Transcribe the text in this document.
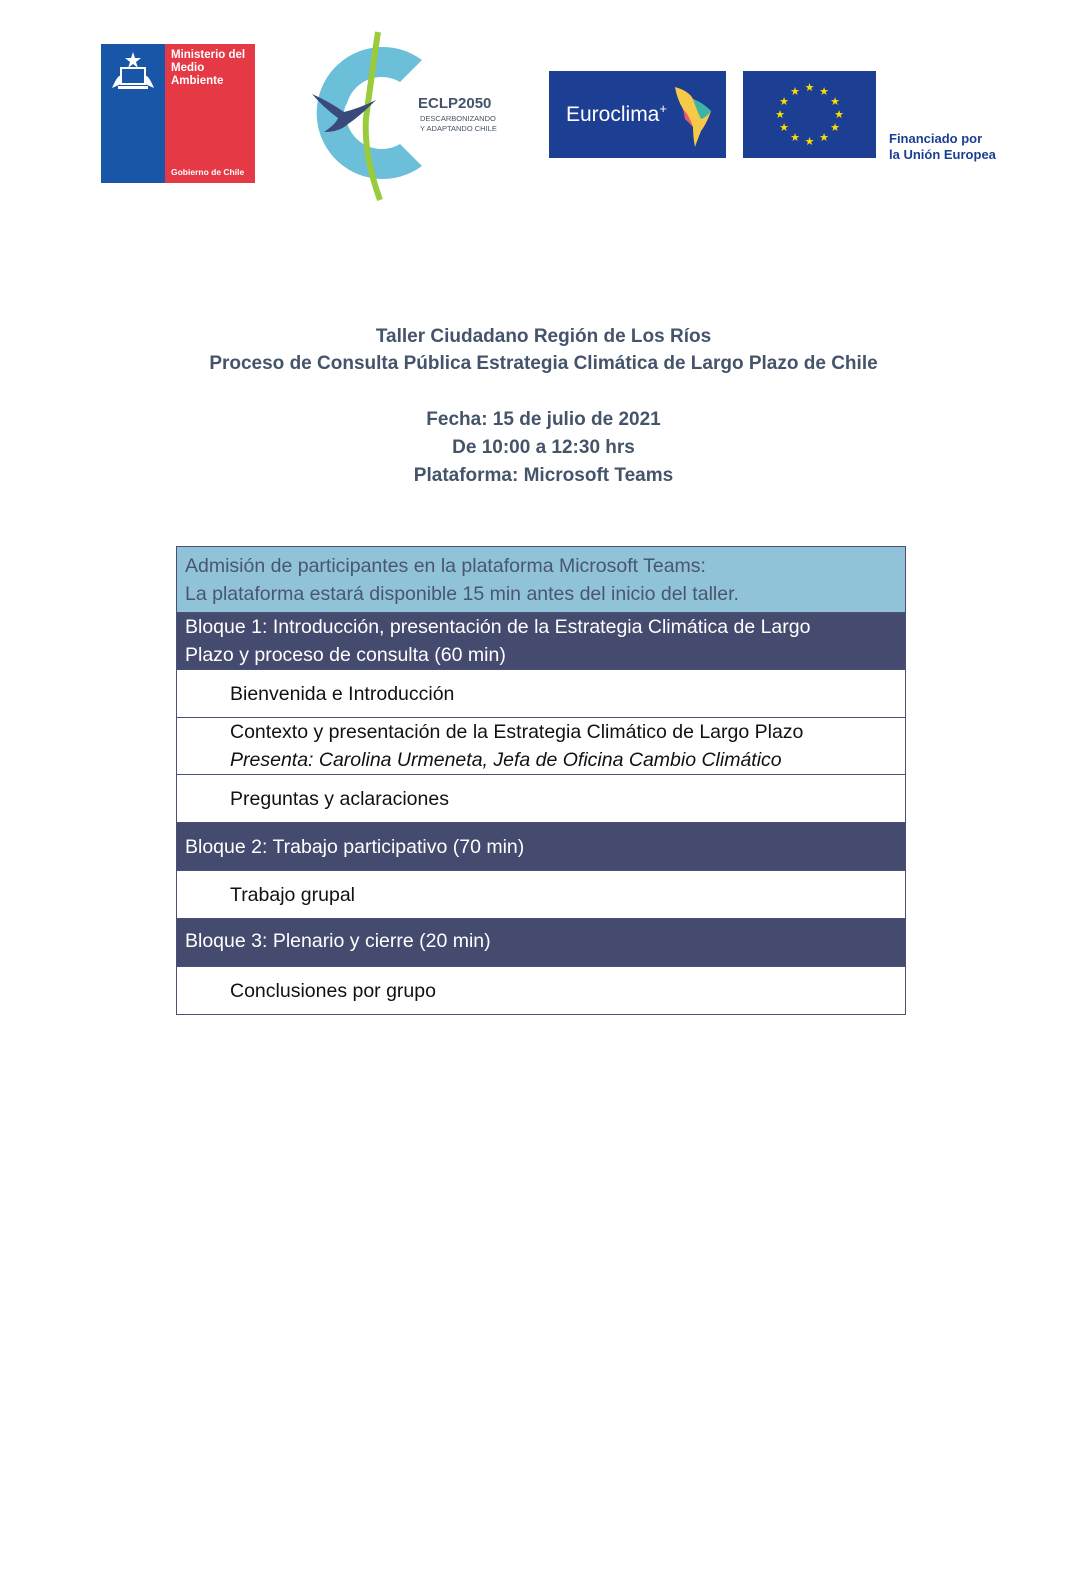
Ministerio del
Medio
Ambiente
Gobierno de Chile
ECLP2050
DESCARBONIZANDO
Y ADAPTANDO CHILE
Euroclima+
★ ★
★
★
★
★
★
★
★
★
★
★
Financiado por
la Unión Europea
Taller Ciudadano Región de Los Ríos
Proceso de Consulta Pública Estrategia Climática de Largo Plazo de Chile
Fecha: 15 de julio de 2021
De 10:00 a 12:30 hrs
Plataforma: Microsoft Teams
Admisión de participantes en la plataforma Microsoft Teams:
La plataforma estará disponible 15 min antes del inicio del taller.
Bloque 1: Introducción, presentación de la Estrategia Climática de Largo
Plazo y proceso de consulta (60 min)
Bienvenida e Introducción
Contexto y presentación de la Estrategia Climático de Largo Plazo
Presenta: Carolina Urmeneta, Jefa de Oficina Cambio Climático
Preguntas y aclaraciones
Bloque 2: Trabajo participativo (70 min)
Trabajo grupal
Bloque 3: Plenario y cierre (20 min)
Conclusiones por grupo
